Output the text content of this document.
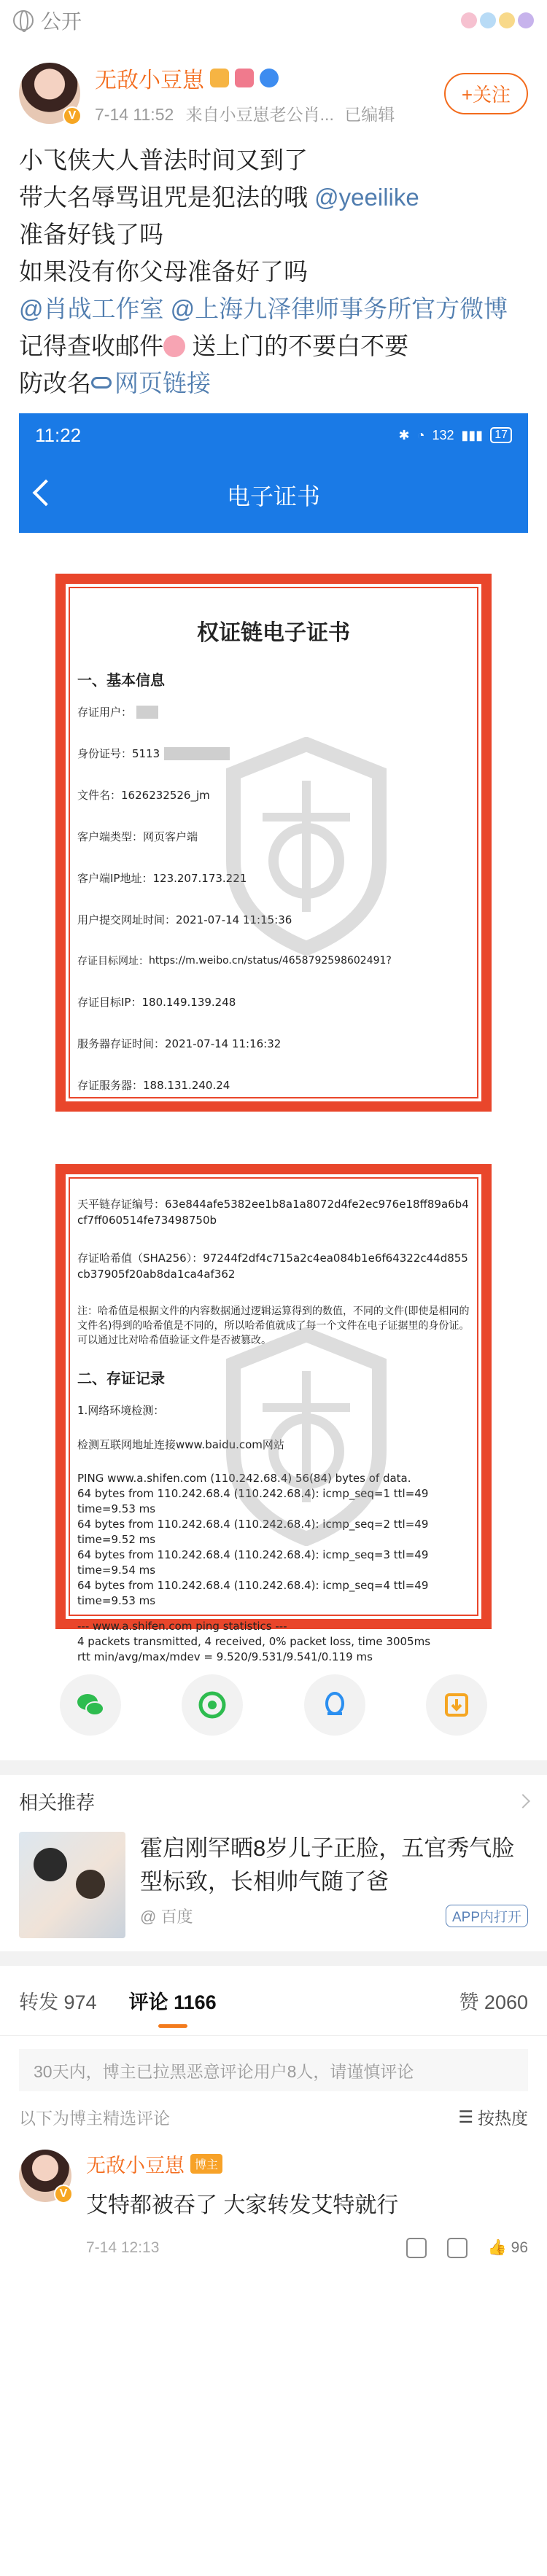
公开
V
无敌小豆崽
7-14 11:52 来自小豆崽老公肖... 已编辑
+关注
小飞侠大人普法时间又到了
带大名辱骂诅咒是犯法的哦 @yeeilike
准备好钱了吗
如果没有你父母准备好了吗
@肖战工作室 @上海九泽律师事务所官方微博
记得查收邮件 送上门的不要白不要
防改名 网页链接
11:22	✱ ◔ 132 ▮▮▮	17
电子证书
权证链电子证书
一、基本信息
存证用户：
身份证号： 5113
文件名： 1626232526_jm
客户端类型： 网页客户端
客户端IP地址： 123.207.173.221
用户提交网址时间： 2021-07-14 11:15:36
存证目标网址： https://m.weibo.cn/status/4658792598602491?
存证目标IP： 180.149.139.248
服务器存证时间： 2021-07-14 11:16:32
存证服务器： 188.131.240.24
天平链存证编号：63e844afe5382ee1b8a1a8072d4fe2ec976e18ff89a6b4cf7ff060514fe73498750b
存证哈希值（SHA256）：97244f2df4c715a2c4ea084b1e6f64322c44d855cb37905f20ab8da1ca4af362
注：哈希值是根据文件的内容数据通过逻辑运算得到的数值，不同的文件(即使是相同的文件名)得到的哈希值是不同的，所以哈希值就成了每一个文件在电子证据里的身份证。可以通过比对哈希值验证文件是否被篡改。
二、存证记录
1.网络环境检测：
检测互联网地址连接www.baidu.com网站
PING www.a.shifen.com (110.242.68.4) 56(84) bytes of data.
64 bytes from 110.242.68.4 (110.242.68.4): icmp_seq=1 ttl=49 time=9.53 ms
64 bytes from 110.242.68.4 (110.242.68.4): icmp_seq=2 ttl=49 time=9.52 ms
64 bytes from 110.242.68.4 (110.242.68.4): icmp_seq=3 ttl=49 time=9.54 ms
64 bytes from 110.242.68.4 (110.242.68.4): icmp_seq=4 ttl=49 time=9.53 ms
--- www.a.shifen.com ping statistics ---
4 packets transmitted, 4 received, 0% packet loss, time 3005ms
rtt min/avg/max/mdev = 9.520/9.531/9.541/0.119 ms
相关推荐
霍启刚罕晒8岁儿子正脸，五官秀气脸型标致，长相帅气随了爸
@ 百度	APP内打开
转发 974 评论 1166	赞 2060
30天内，博主已拉黑恶意评论用户8人，请谨慎评论
以下为博主精选评论	☰ 按热度
V
无敌小豆崽 博主
艾特都被吞了 大家转发艾特就行
7-14 12:13	👍 96
